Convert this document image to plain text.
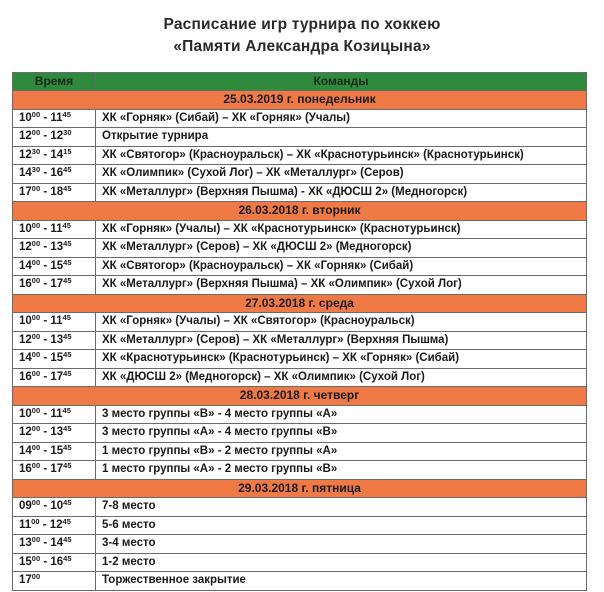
Расписание игр турнира по хоккею
«Памяти Александра Козицына»
Время	Команды
25.03.2019 г. понедельник	
$10^{00} - 11^{45}$	ХК «Горняк» (Сибай) – ХК «Горняк» (Учалы)
$12^{00} - 12^{30}$	Открытие турнира
$12^{30} - 14^{15}$	ХК «Святогор» (Красноуральск) – ХК «Краснотурьинск» (Краснотурьинск)
$14^{30} - 16^{45}$	ХК «Олимпик» (Сухой Лог) – ХК «Металлург» (Серов)
$17^{00} - 18^{45}$	ХК «Металлург» (Верхняя Пышма) - ХК «ДЮСШ 2» (Медногорск)
26.03.2018 г. вторник	
$10^{00} - 11^{45}$	ХК «Горняк» (Учалы) – ХК «Краснотурьинск» (Краснотурьинск)
$12^{00} - 13^{45}$	ХК «Металлург» (Серов) – ХК «ДЮСШ 2» (Медногорск)
$14^{00} - 15^{45}$	ХК «Святогор» (Красноуральск) – ХК «Горняк» (Сибай)
$16^{00} - 17^{45}$	ХК «Металлург» (Верхняя Пышма) – ХК «Олимпик» (Сухой Лог)
27.03.2018 г. среда	
$10^{00} - 11^{45}$	ХК «Горняк» (Учалы) – ХК «Святогор» (Красноуральск)
$12^{00} - 13^{45}$	ХК «Металлург» (Серов) – ХК «Металлург» (Верхняя Пышма)
$14^{00} - 15^{45}$	ХК «Краснотурьинск» (Краснотурьинск) – ХК «Горняк» (Сибай)
$16^{00} - 17^{45}$	ХК «ДЮСШ 2» (Медногорск) – ХК «Олимпик» (Сухой Лог)
28.03.2018 г. четверг	
$10^{00} - 11^{45}$	3 место группы «В» - 4 место группы «А»
$12^{00} - 13^{45}$	3 место группы «А» - 4 место группы «В»
$14^{00} - 15^{45}$	1 место группы «В» - 2 место группы «А»
$16^{00} - 17^{45}$	1 место группы «А» - 2 место группы «В»
29.03.2018 г. пятница	
$09^{00} - 10^{45}$	7-8 место
$11^{00} - 12^{45}$	5-6 место
$13^{00} - 14^{45}$	3-4 место
$15^{00} - 16^{45}$	1-2 место
$17^{00}$	Торжественное закрытие
